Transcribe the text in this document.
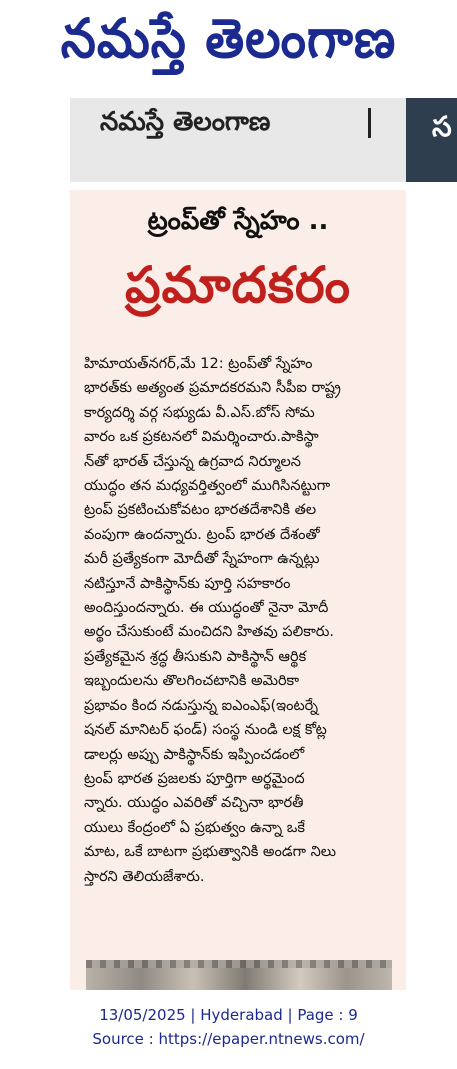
నమస్తే తెలంగాణ
నమస్తే తెలంగాణ	స
ట్రంప్‌తో స్నేహం ..
ప్రమాదకరం
హిమాయత్‌నగర్,మే 12: ట్రంప్‌తో స్నేహం
భారత్‌కు అత్యంత ప్రమాదకరమని సీపీఐ రాష్ట్ర
కార్యదర్శి వర్గ సభ్యుడు వీ.ఎస్.బోస్ సోమ
వారం ఒక ప్రకటనలో విమర్శించారు.పాకిస్థా
న్‌తో భారత్ చేస్తున్న ఉగ్రవాద నిర్మూలన
యుద్ధం తన మధ్యవర్తిత్వంలో ముగిసినట్టుగా
ట్రంప్ ప్రకటించుకోవటం భారతదేశానికి తల
వంపుగా ఉందన్నారు. ట్రంప్ భారత దేశంతో
మరీ ప్రత్యేకంగా మోదీతో స్నేహంగా ఉన్నట్లు
నటిస్తూనే పాకిస్థాన్‌కు పూర్తి సహకారం
అందిస్తుందన్నారు. ఈ యుద్ధంతో నైనా మోదీ
అర్థం చేసుకుంటే మంచిదని హితవు పలికారు.
ప్రత్యేకమైన శ్రద్ధ తీసుకుని పాకిస్థాన్ ఆర్థిక
ఇబ్బందులను తొలగించటానికి అమెరికా
ప్రభావం కింద నడుస్తున్న ఐఎంఎఫ్(ఇంటర్నే
షనల్ మానిటర్ ఫండ్) సంస్థ నుండి లక్ష కోట్ల
డాలర్లు అప్పు పాకిస్థాన్‌కు ఇప్పించడంలో
ట్రంప్ భారత ప్రజలకు పూర్తిగా అర్థమైంద
న్నారు. యుద్ధం ఎవరితో వచ్చినా భారతీ
యులు కేంద్రంలో ఏ ప్రభుత్వం ఉన్నా ఒకే
మాట, ఒకే బాటగా ప్రభుత్వానికి అండగా నిలు
స్తారని తెలియజేశారు.
13/05/2025 | Hyderabad | Page : 9
Source : https://epaper.ntnews.com/
